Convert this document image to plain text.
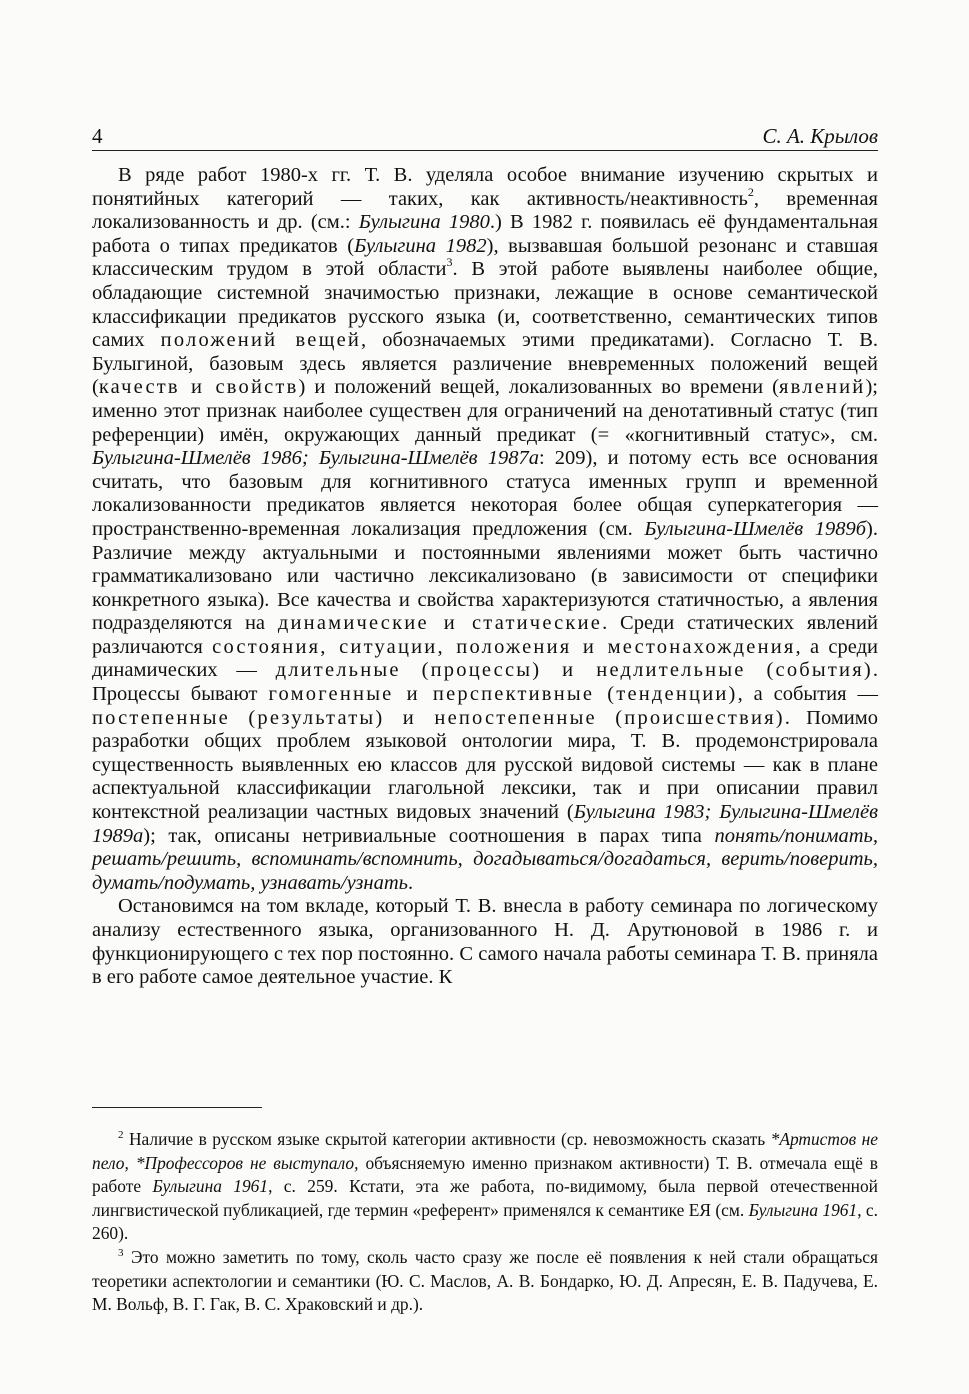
4	С. А. Крылов

В ряде работ 1980-х гг. Т. В. уделяла особое внимание изучению скрытых и понятийных категорий — таких, как активность/неактивность$^2$, временная локализованность и др. (см.: Булыгина 1980.) В 1982 г. появилась её фундаментальная работа о типах предикатов (Булыгина 1982), вызвавшая большой резонанс и ставшая классическим трудом в этой области$^3$. В этой работе выявлены наиболее общие, обладающие системной значимостью признаки, лежащие в основе семантической классификации предикатов русского языка (и, соответственно, семантических типов самих положений вещей, обозначаемых этими предикатами). Согласно Т. В. Булыгиной, базовым здесь является различение вневременных положений вещей (качеств и свойств) и положений вещей, локализованных во времени (явлений); именно этот признак наиболее существен для ограничений на денотативный статус (тип референции) имён, окружающих данный предикат (= «когнитивный статус», см. Булыгина-Шмелёв 1986; Булыгина-Шмелёв 1987а: 209), и потому есть все основания считать, что базовым для когнитивного статуса именных групп и временной локализованности предикатов является некоторая более общая суперкатегория — пространственно-временная локализация предложения (см. Булыгина-Шмелёв 1989б). Различие между актуальными и постоянными явлениями может быть частично грамматикализовано или частично лексикализовано (в зависимости от специфики конкретного языка). Все качества и свойства характеризуются статичностью, а явления подразделяются на динамические и статические. Среди статических явлений различаются состояния, ситуации, положения и местонахождения, а среди динамических — длительные (процессы) и недлительные (события). Процессы бывают гомогенные и перспективные (тенденции), а события — постепенные (результаты) и непостепенные (происшествия). Помимо разработки общих проблем языковой онтологии мира, Т. В. продемонстрировала существенность выявленных ею классов для русской видовой системы — как в плане аспектуальной классификации глагольной лексики, так и при описании правил контекстной реализации частных видовых значений (Булыгина 1983; Булыгина-Шмелёв 1989а); так, описаны нетривиальные соотношения в парах типа понять/понимать, решать/решить, вспоминать/вспомнить, догадываться/догадаться, верить/поверить, думать/подумать, узнавать/узнать.

Остановимся на том вкладе, который Т. В. внесла в работу семинара по логическому анализу естественного языка, организованного Н. Д. Арутюновой в 1986 г. и функционирующего с тех пор постоянно. С самого начала работы семинара Т. В. приняла в его работе самое деятельное участие. К

$^2$ Наличие в русском языке скрытой категории активности (ср. невозможность сказать *Артистов не пело, *Профессоров не выступало, объясняемую именно признаком активности) Т. В. отмечала ещё в работе Булыгина 1961, с. 259. Кстати, эта же работа, по-видимому, была первой отечественной лингвистической публикацией, где термин «референт» применялся к семантике ЕЯ (см. Булыгина 1961, с. 260).

$^3$ Это можно заметить по тому, сколь часто сразу же после её появления к ней стали обращаться теоретики аспектологии и семантики (Ю. С. Маслов, А. В. Бондарко, Ю. Д. Апресян, Е. В. Падучева, Е. М. Вольф, В. Г. Гак, В. С. Храковский и др.).
